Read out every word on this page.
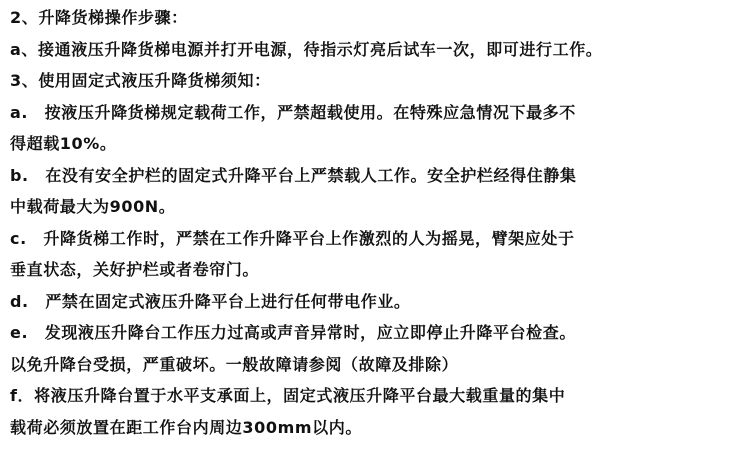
2、升降货梯操作步骤：
a、接通液压升降货梯电源并打开电源，待指示灯亮后试车一次，即可进行工作。
3、使用固定式液压升降货梯须知：
a.　按液压升降货梯规定载荷工作，严禁超载使用。在特殊应急情况下最多不
得超载10%。
b.　在没有安全护栏的固定式升降平台上严禁载人工作。安全护栏经得住静集
中载荷最大为900N。
c.　升降货梯工作时，严禁在工作升降平台上作激烈的人为摇晃，臂架应处于
垂直状态，关好护栏或者卷帘门。
d.　严禁在固定式液压升降平台上进行任何带电作业。
e.　发现液压升降台工作压力过高或声音异常时，应立即停止升降平台检查。
以免升降台受损，严重破坏。一般故障请参阅（故障及排除）
f．将液压升降台置于水平支承面上，固定式液压升降平台最大载重量的集中
载荷必须放置在距工作台内周边300mm以内。
